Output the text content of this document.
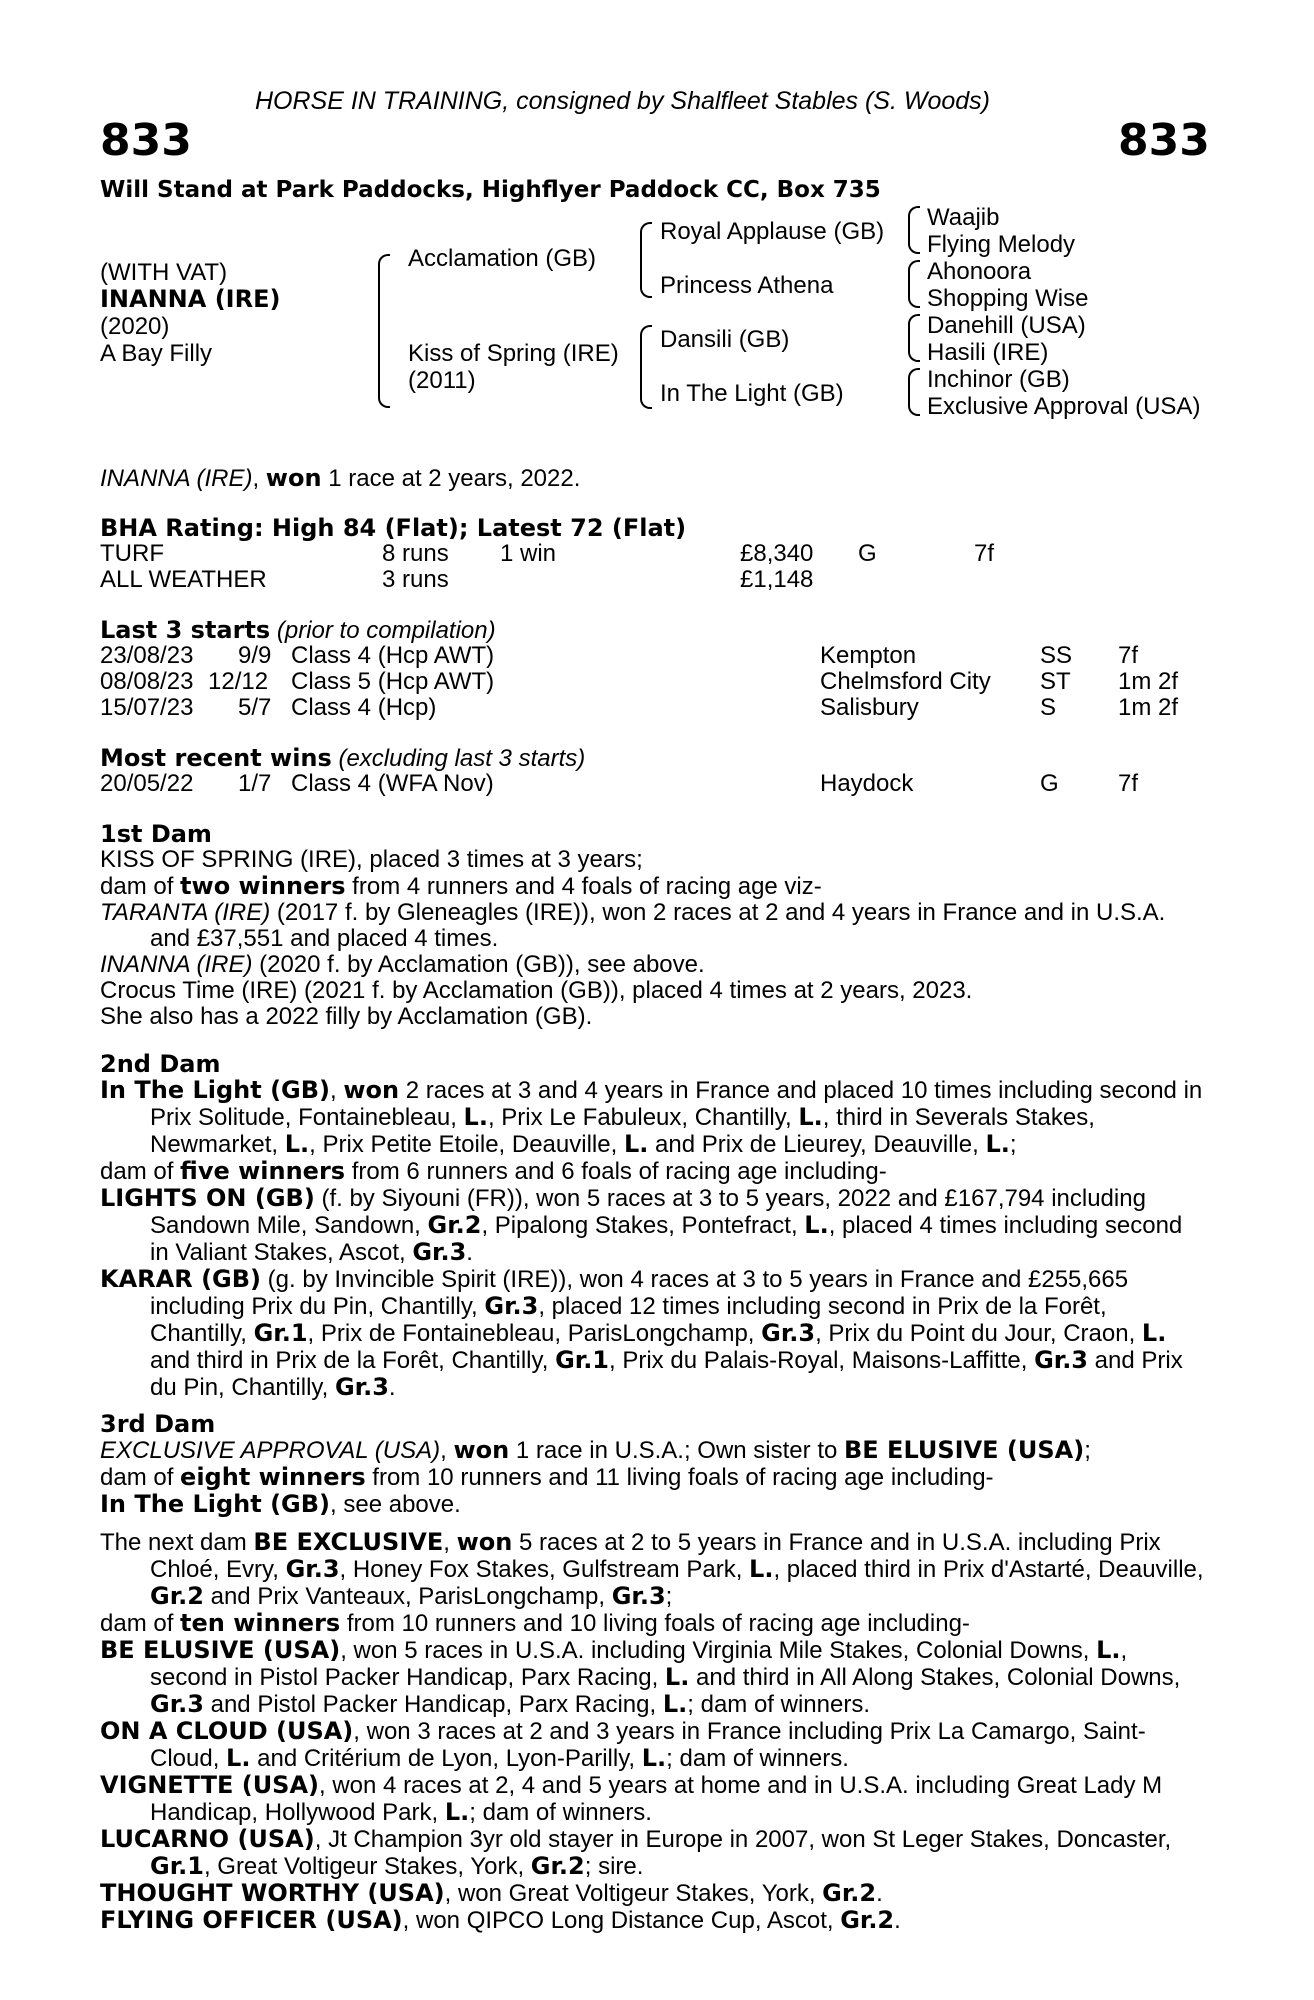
HORSE IN TRAINING, consigned by Shalfleet Stables (S. Woods)
833	833
Will Stand at Park Paddocks, Highflyer Paddock CC, Box 735
(WITH VAT)
INANNA (IRE)
(2020)
A Bay Filly
Acclamation (GB)
Kiss of Spring (IRE)
(2011)
Royal Applause (GB)
Princess Athena
Dansili (GB)
In The Light (GB)
Waajib
Flying Melody
Ahonoora
Shopping Wise
Danehill (USA)
Hasili (IRE)
Inchinor (GB)
Exclusive Approval (USA)
INANNA (IRE), won 1 race at 2 years, 2022.
BHA Rating: High 84 (Flat); Latest 72 (Flat)
TURF	8 runs 1 win	£8,340 G	7f
ALL WEATHER	3 runs	£1,148
Last 3 starts (prior to compilation)
23/08/23 9/9 Class 4 (Hcp AWT)	Kempton	SS 7f
08/08/23 12/12 Class 5 (Hcp AWT)	Chelmsford City ST 1m 2f
15/07/23 5/7 Class 4 (Hcp)	Salisbury	S	1m 2f
Most recent wins (excluding last 3 starts)
20/05/22 1/7 Class 4 (WFA Nov)	Haydock	G 7f

1st Dam

KISS OF SPRING (IRE), placed 3 times at 3 years;

dam of two winners from 4 runners and 4 foals of racing age viz-

TARANTA (IRE) (2017 f. by Gleneagles (IRE)), won 2 races at 2 and 4 years in France and in U.S.A. and £37,551 and placed 4 times.

INANNA (IRE) (2020 f. by Acclamation (GB)), see above.

Crocus Time (IRE) (2021 f. by Acclamation (GB)), placed 4 times at 2 years, 2023.

She also has a 2022 filly by Acclamation (GB).

2nd Dam

In The Light (GB), won 2 races at 3 and 4 years in France and placed 10 times including second in Prix Solitude, Fontainebleau, L., Prix Le Fabuleux, Chantilly, L., third in Severals Stakes, Newmarket, L., Prix Petite Etoile, Deauville, L. and Prix de Lieurey, Deauville, L.;

dam of five winners from 6 runners and 6 foals of racing age including-

LIGHTS ON (GB) (f. by Siyouni (FR)), won 5 races at 3 to 5 years, 2022 and £167,794 including Sandown Mile, Sandown, Gr.2, Pipalong Stakes, Pontefract, L., placed 4 times including second in Valiant Stakes, Ascot, Gr.3.

KARAR (GB) (g. by Invincible Spirit (IRE)), won 4 races at 3 to 5 years in France and £255,665 including Prix du Pin, Chantilly, Gr.3, placed 12 times including second in Prix de la Forêt, Chantilly, Gr.1, Prix de Fontainebleau, ParisLongchamp, Gr.3, Prix du Point du Jour, Craon, L. and third in Prix de la Forêt, Chantilly, Gr.1, Prix du Palais-Royal, Maisons-Laffitte, Gr.3 and Prix du Pin, Chantilly, Gr.3.

3rd Dam

EXCLUSIVE APPROVAL (USA), won 1 race in U.S.A.; Own sister to BE ELUSIVE (USA);

dam of eight winners from 10 runners and 11 living foals of racing age including-

In The Light (GB), see above.

The next dam BE EXCLUSIVE, won 5 races at 2 to 5 years in France and in U.S.A. including Prix Chloé, Evry, Gr.3, Honey Fox Stakes, Gulfstream Park, L., placed third in Prix d'Astarté, Deauville, Gr.2 and Prix Vanteaux, ParisLongchamp, Gr.3;

dam of ten winners from 10 runners and 10 living foals of racing age including-

BE ELUSIVE (USA), won 5 races in U.S.A. including Virginia Mile Stakes, Colonial Downs, L., second in Pistol Packer Handicap, Parx Racing, L. and third in All Along Stakes, Colonial Downs, Gr.3 and Pistol Packer Handicap, Parx Racing, L.; dam of winners.

ON A CLOUD (USA), won 3 races at 2 and 3 years in France including Prix La Camargo, Saint-Cloud, L. and Critérium de Lyon, Lyon-Parilly, L.; dam of winners.

VIGNETTE (USA), won 4 races at 2, 4 and 5 years at home and in U.S.A. including Great Lady M Handicap, Hollywood Park, L.; dam of winners.

LUCARNO (USA), Jt Champion 3yr old stayer in Europe in 2007, won St Leger Stakes, Doncaster, Gr.1, Great Voltigeur Stakes, York, Gr.2; sire.

THOUGHT WORTHY (USA), won Great Voltigeur Stakes, York, Gr.2.

FLYING OFFICER (USA), won QIPCO Long Distance Cup, Ascot, Gr.2.
